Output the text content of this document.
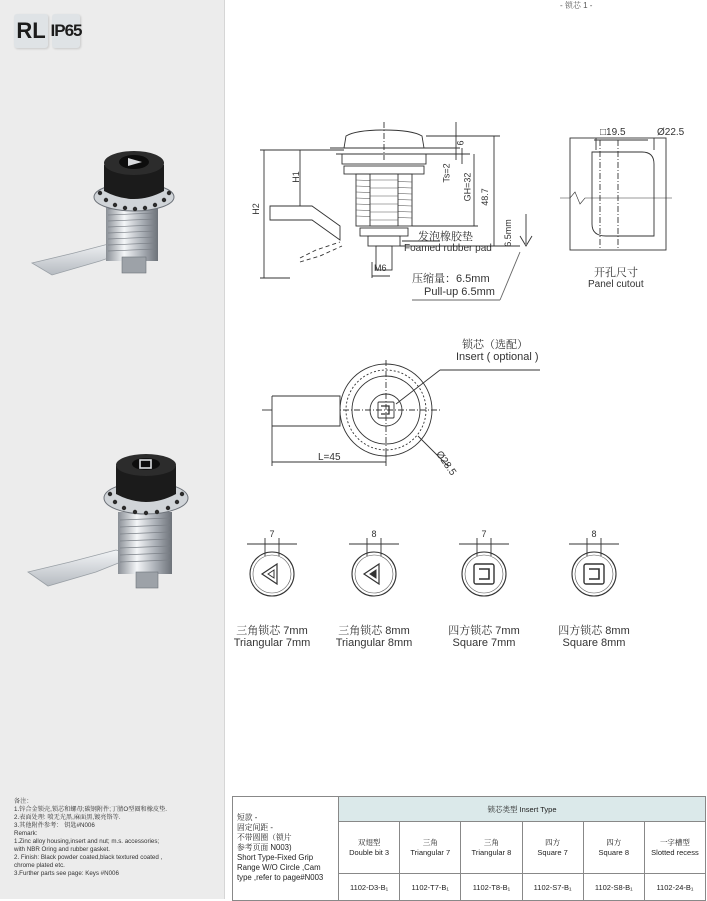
RL IP65
备注：
1.锌合金锁壳,锁芯和螺母;碳钢附件;丁腈O型圈和橡皮垫.
2.表面处理: 喷无光黑,麻面黑,镀亮铬等.
3.其他附件参考： 钥匙#N006
Remark:
1.Zinc alloy housing,insert and nut; m.s. accessories;
with NBR Oring and rubber gasket.
2. Finish: Black powder coated,black textured coated ,
chrome plated etc.
3.Further parts see page: Keys #N006
- 锁芯 1 -
6
Ts=2 GH=32 48.7
H1
H2
6.5mm
M6
发泡橡胶垫
Foamed rubber pad
压缩量：6.5mm
Pull-up 6.5mm
□19.5	Ø22.5
开孔尺寸
Panel cutout
锁芯（选配）
Insert ( optional )
L=45	Ø28.5
7
三角锁芯 7mm
Triangular 7mm
8
三角锁芯 8mm
Triangular 8mm
7
四方锁芯 7mm
Square 7mm
8
四方锁芯 8mm
Square 8mm
短款 -
固定间距 -
不带圆圈（锁片
参考页面 N003)
Short Type-Fixed Grip
Range W/O Circle ,Cam
type ,refer to page#N003
锁芯类型 Insert Type
双翅型
Double bit 3
1102-D3-B₁
三角
Triangular 7
1102-T7-B₁
三角
Triangular 8
1102-T8-B₁
四方
Square 7
1102-S7-B₁
四方
Square 8
1102-S8-B₁
一字槽型
Slotted recess
1102-24-B₁
